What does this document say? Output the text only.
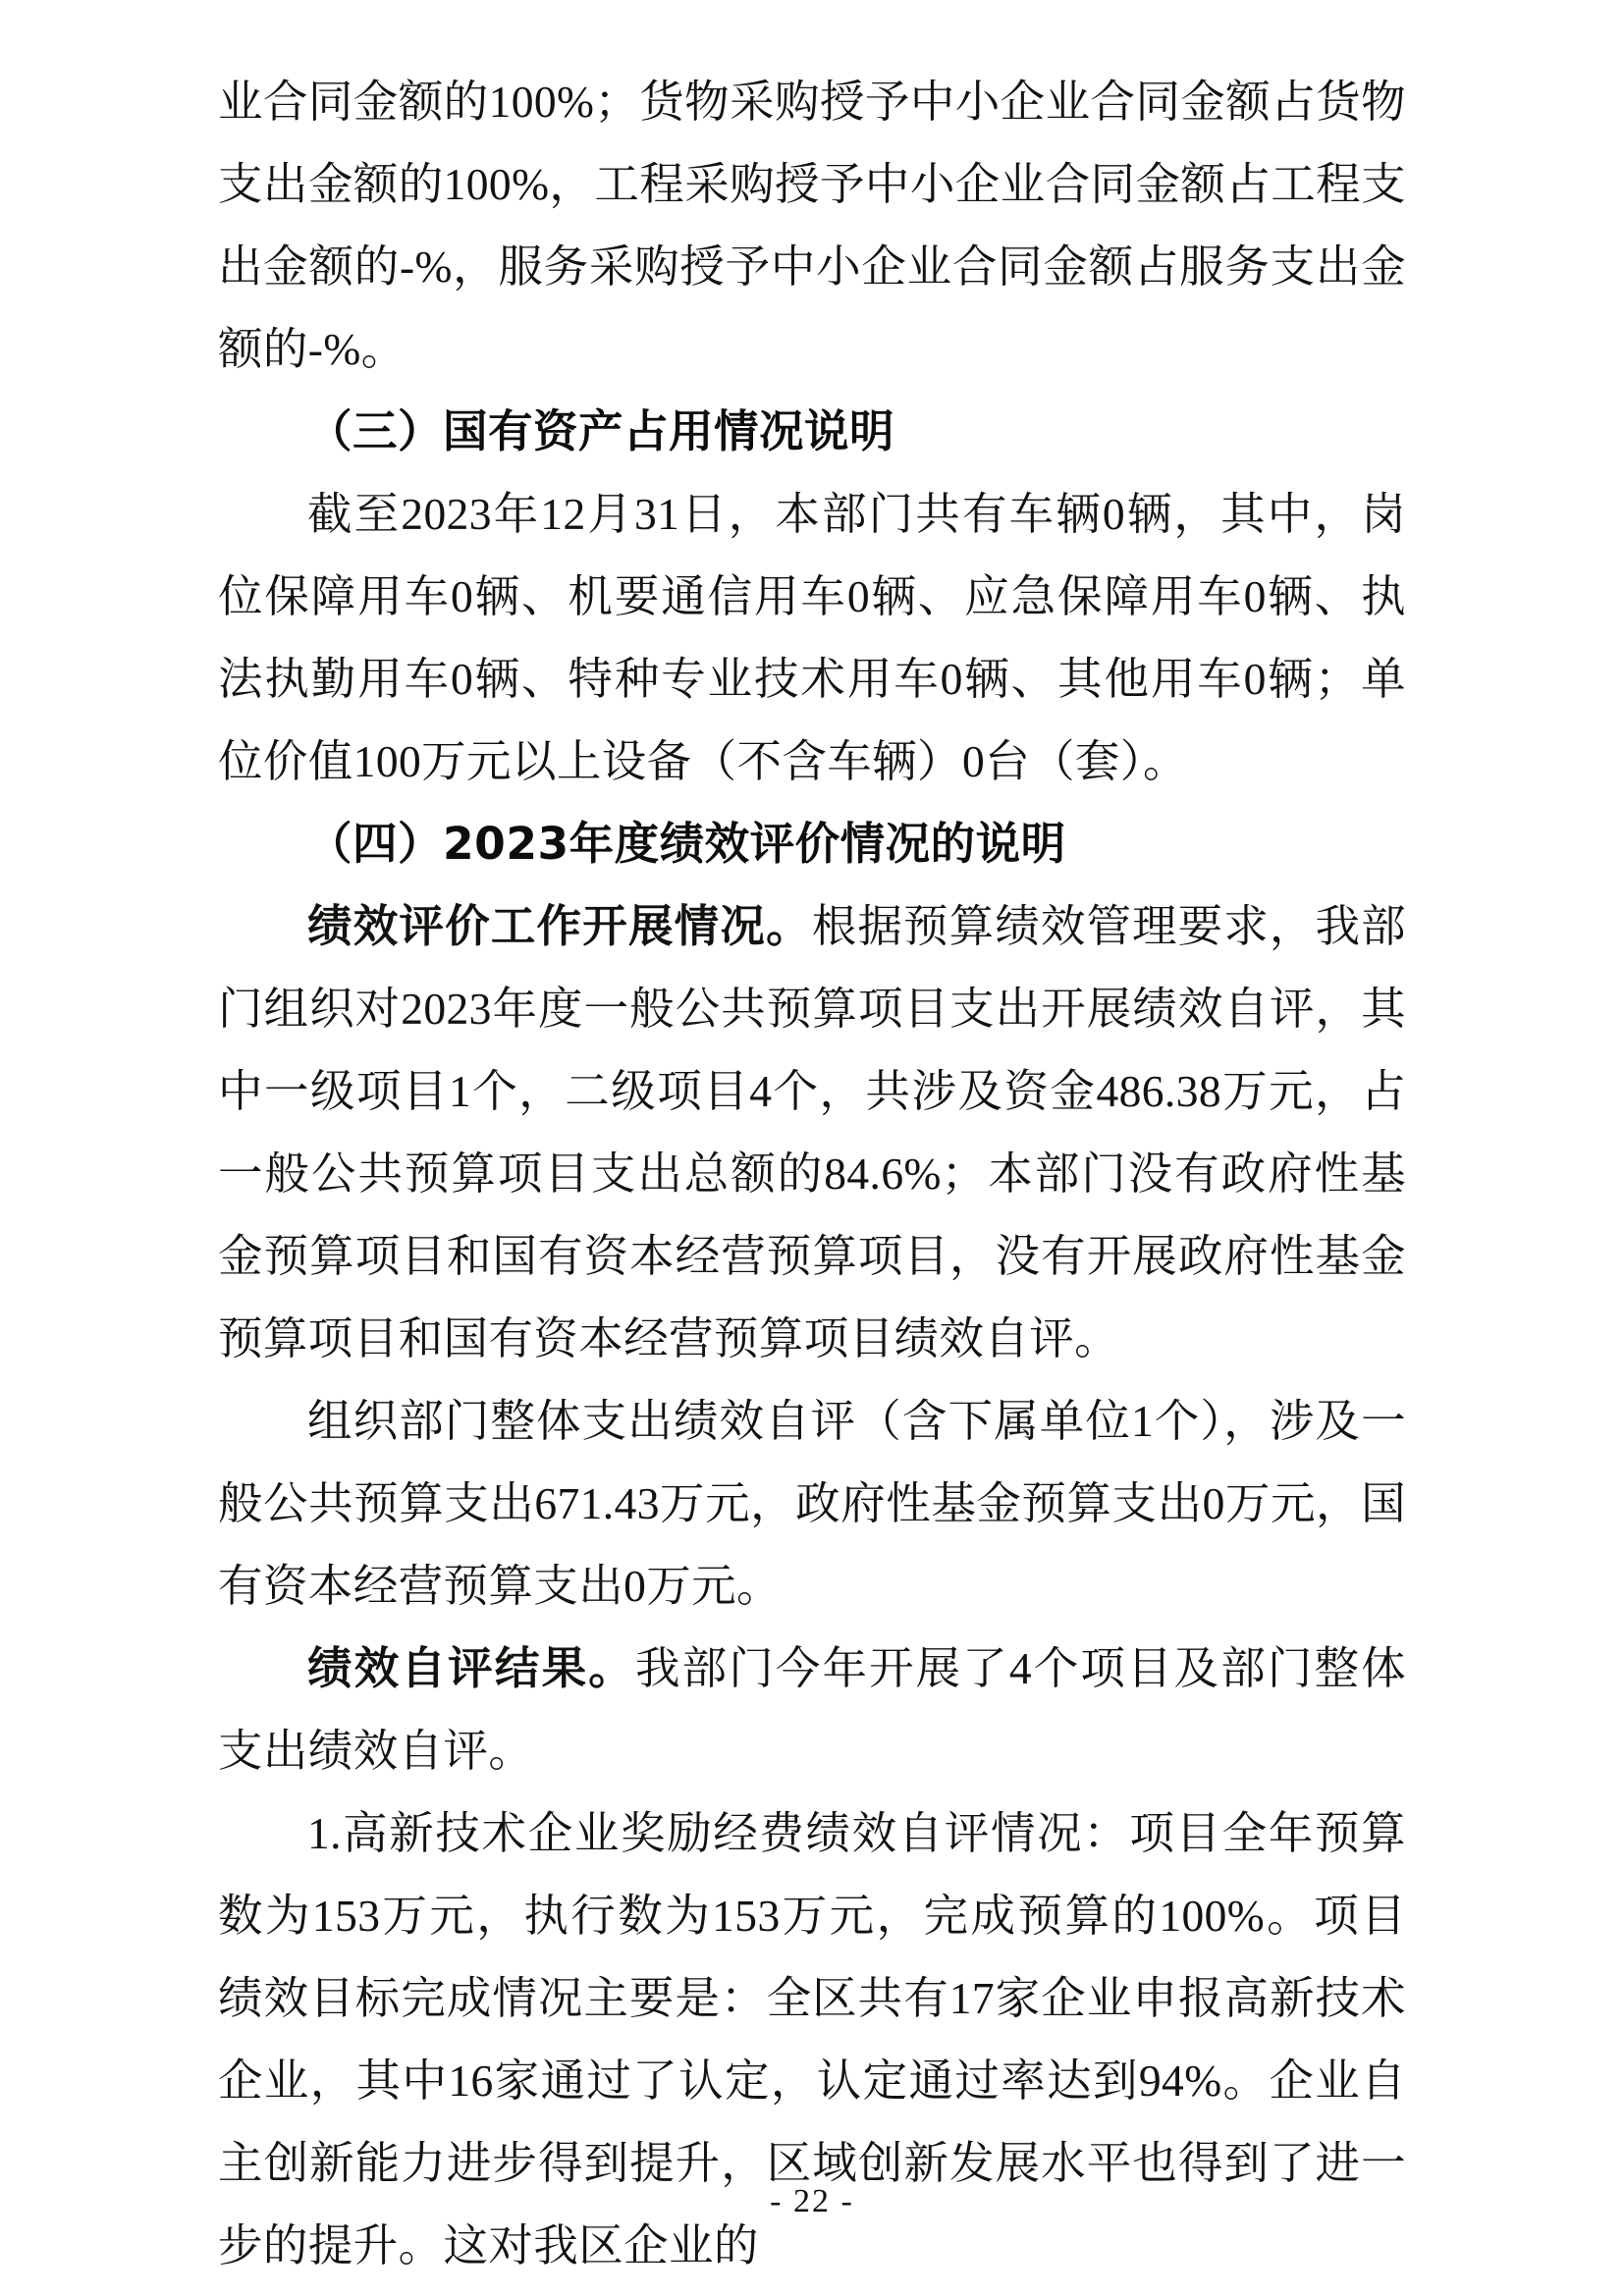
业合同金额的100%；货物采购授予中小企业合同金额占货物支出金额的100%，工程采购授予中小企业合同金额占工程支出金额的-%，服务采购授予中小企业合同金额占服务支出金额的-%。

（三）国有资产占用情况说明

截至2023年12月31日，本部门共有车辆0辆，其中，岗位保障用车0辆、机要通信用车0辆、应急保障用车0辆、执法执勤用车0辆、特种专业技术用车0辆、其他用车0辆；单位价值100万元以上设备（不含车辆）0台（套）。

（四）2023年度绩效评价情况的说明

绩效评价工作开展情况。根据预算绩效管理要求，我部门组织对2023年度一般公共预算项目支出开展绩效自评，其中一级项目1个，二级项目4个，共涉及资金486.38万元，占一般公共预算项目支出总额的84.6%；本部门没有政府性基金预算项目和国有资本经营预算项目，没有开展政府性基金预算项目和国有资本经营预算项目绩效自评。

组织部门整体支出绩效自评（含下属单位1个），涉及一般公共预算支出671.43万元，政府性基金预算支出0万元，国有资本经营预算支出0万元。

绩效自评结果。我部门今年开展了4个项目及部门整体支出绩效自评。

1.高新技术企业奖励经费绩效自评情况：项目全年预算数为153万元，执行数为153万元，完成预算的100%。项目绩效目标完成情况主要是：全区共有17家企业申报高新技术企业，其中16家通过了认定，认定通过率达到94%。企业自主创新能力进步得到提升，区域创新发展水平也得到了进一步的提升。这对我区企业的

- 22 -
